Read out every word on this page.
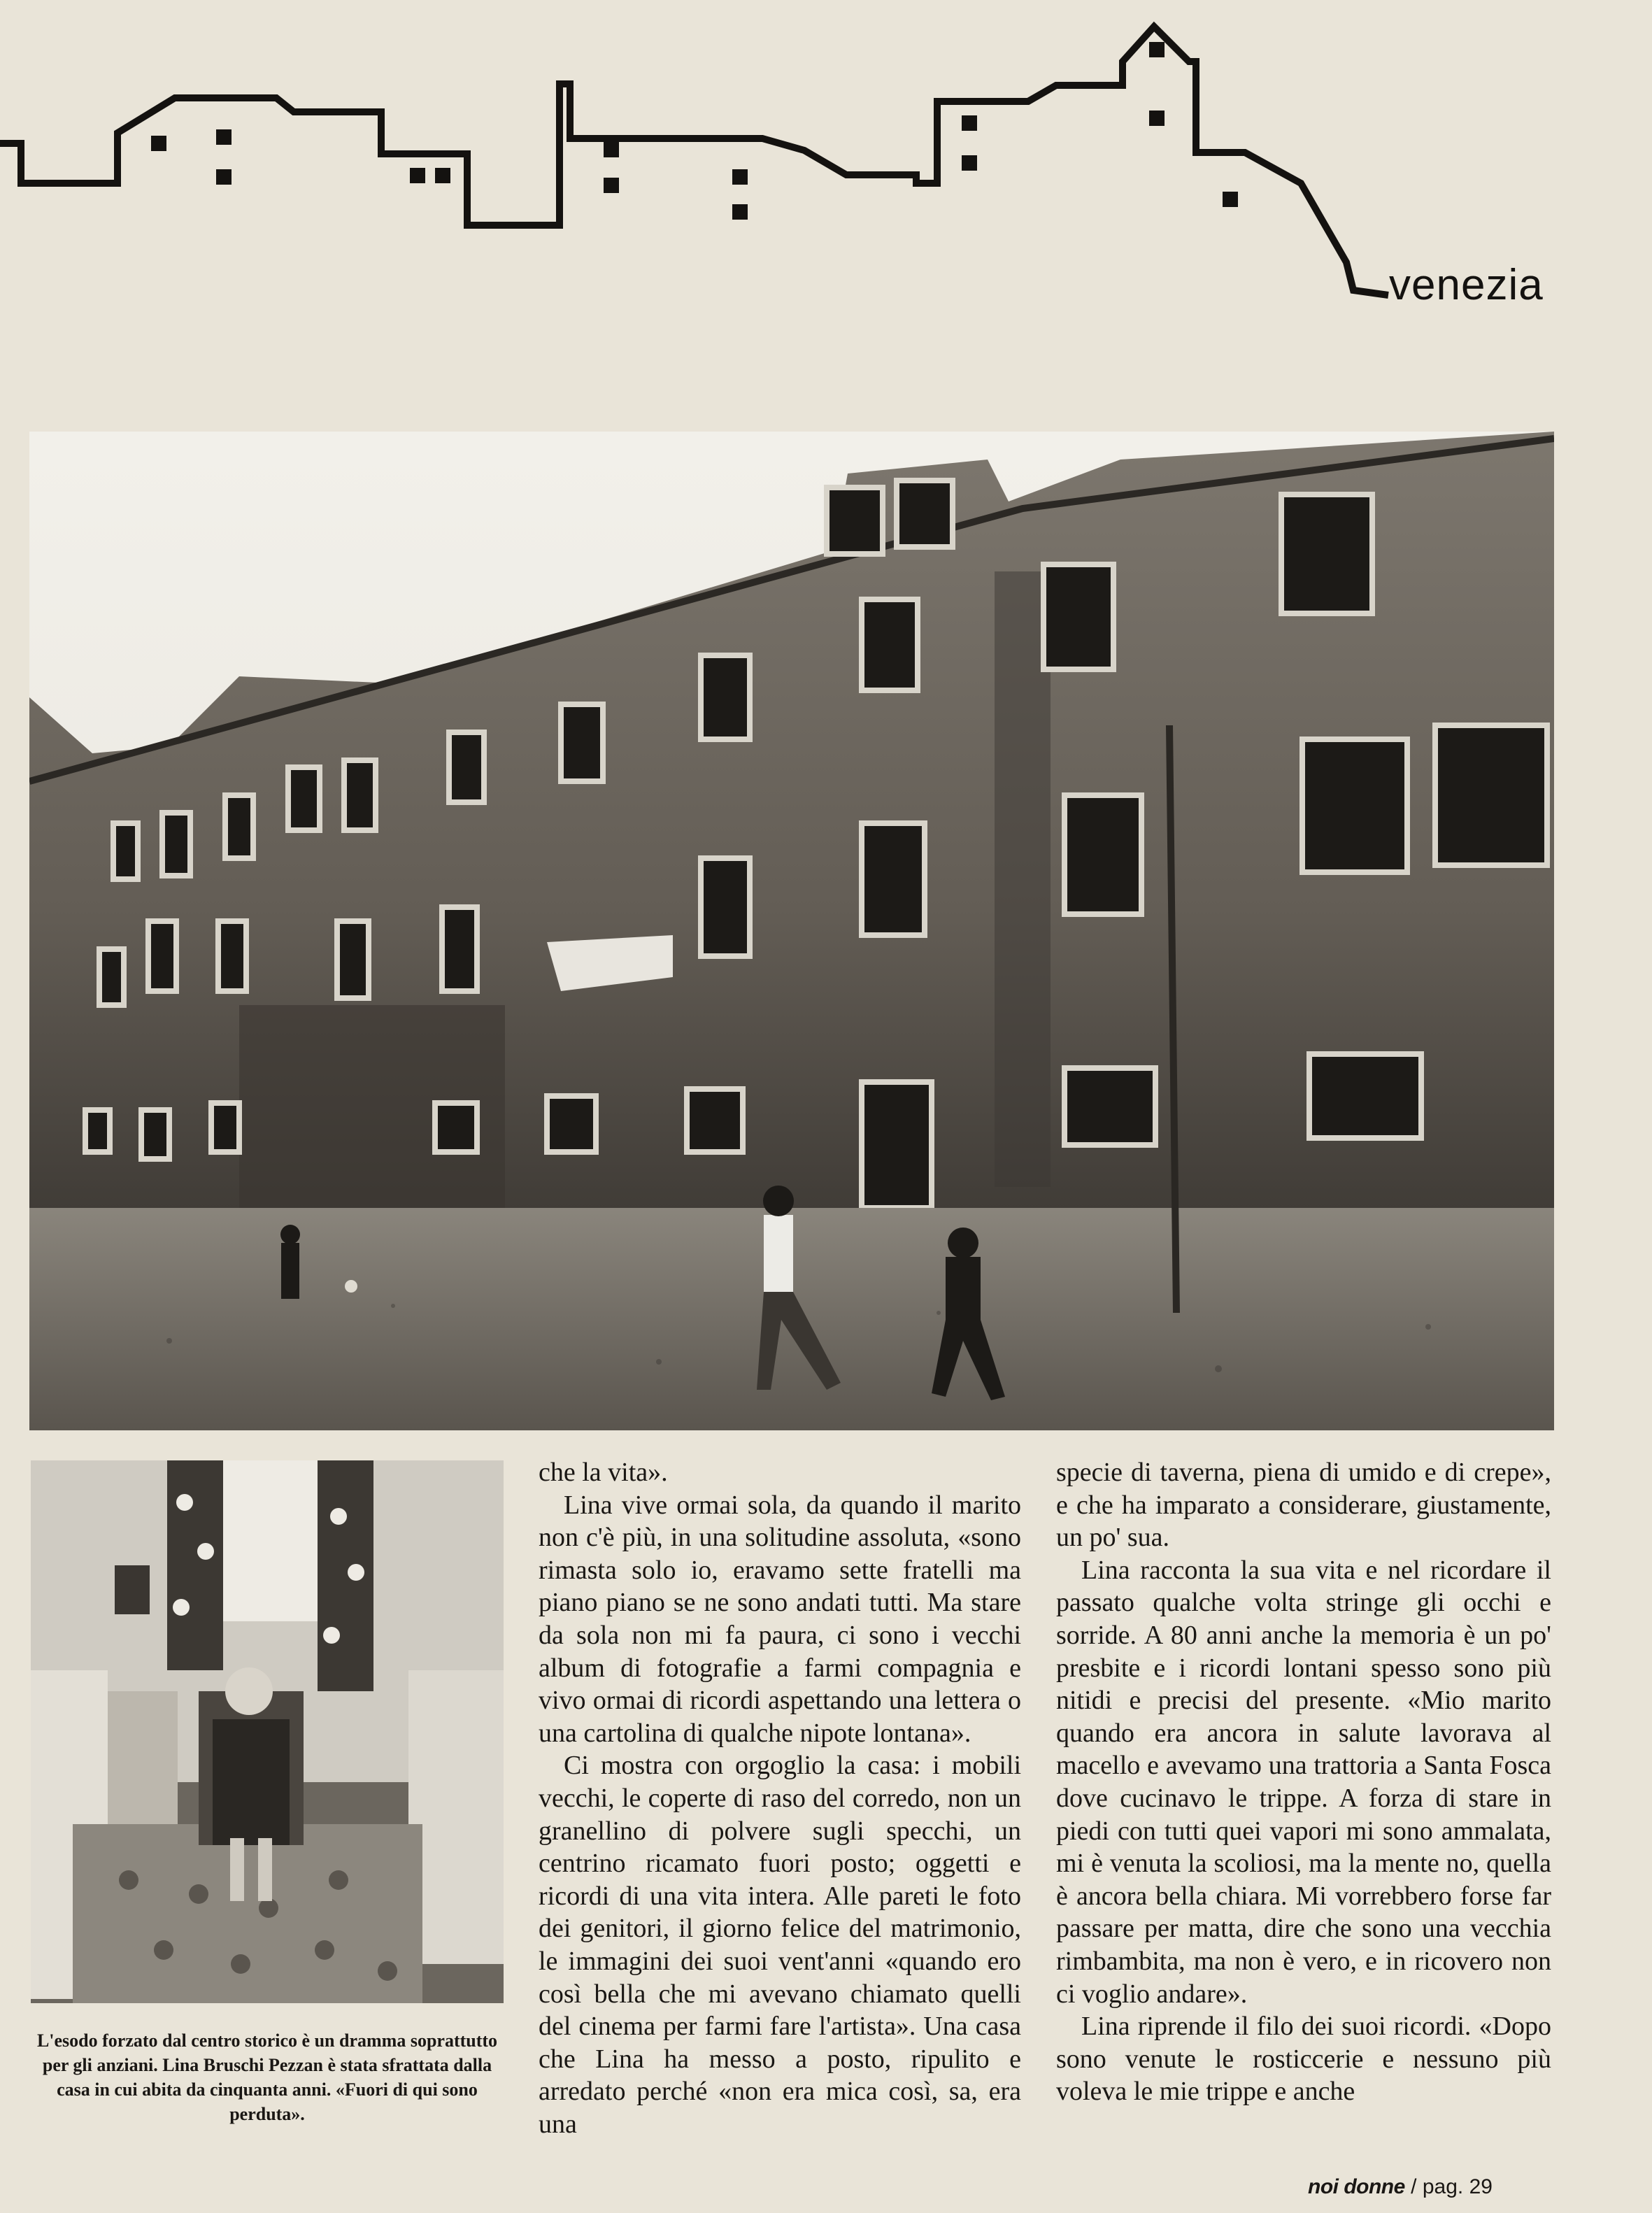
venezia
L'esodo forzato dal centro storico è un dramma soprattutto per gli anziani. Lina Bruschi Pezzan è stata sfrattata dalla casa in cui abita da cinquanta anni. «Fuori di qui sono perduta».

che la vita».

Lina vive ormai sola, da quando il marito non c'è più, in una solitudine assoluta, «sono rimasta solo io, eravamo sette fratelli ma piano piano se ne sono andati tutti. Ma stare da sola non mi fa paura, ci sono i vecchi album di fotografie a farmi compagnia e vivo ormai di ricordi aspettando una lettera o una cartolina di qualche nipote lontana».

Ci mostra con orgoglio la casa: i mobili vecchi, le coperte di raso del corredo, non un granellino di polvere sugli specchi, un centrino ricamato fuori posto; oggetti e ricordi di una vita intera. Alle pareti le foto dei genitori, il giorno felice del matrimonio, le immagini dei suoi vent'anni «quando ero così bella che mi avevano chiamato quelli del cinema per farmi fare l'artista». Una casa che Lina ha messo a posto, ripulito e arredato perché «non era mica così, sa, era una

specie di taverna, piena di umido e di crepe», e che ha imparato a considerare, giustamente, un po' sua.

Lina racconta la sua vita e nel ricordare il passato qualche volta stringe gli occhi e sorride. A 80 anni anche la memoria è un po' presbite e i ricordi lontani spesso sono più nitidi e precisi del presente. «Mio marito quando era ancora in salute lavorava al macello e avevamo una trattoria a Santa Fosca dove cucinavo le trippe. A forza di stare in piedi con tutti quei vapori mi sono ammalata, mi è venuta la scoliosi, ma la mente no, quella è ancora bella chiara. Mi vorrebbero forse far passare per matta, dire che sono una vecchia rimbambita, ma non è vero, e in ricovero non ci voglio andare».

Lina riprende il filo dei suoi ricordi. «Dopo sono venute le rosticcerie e nessuno più voleva le mie trippe e anche

noi donne / pag. 29
